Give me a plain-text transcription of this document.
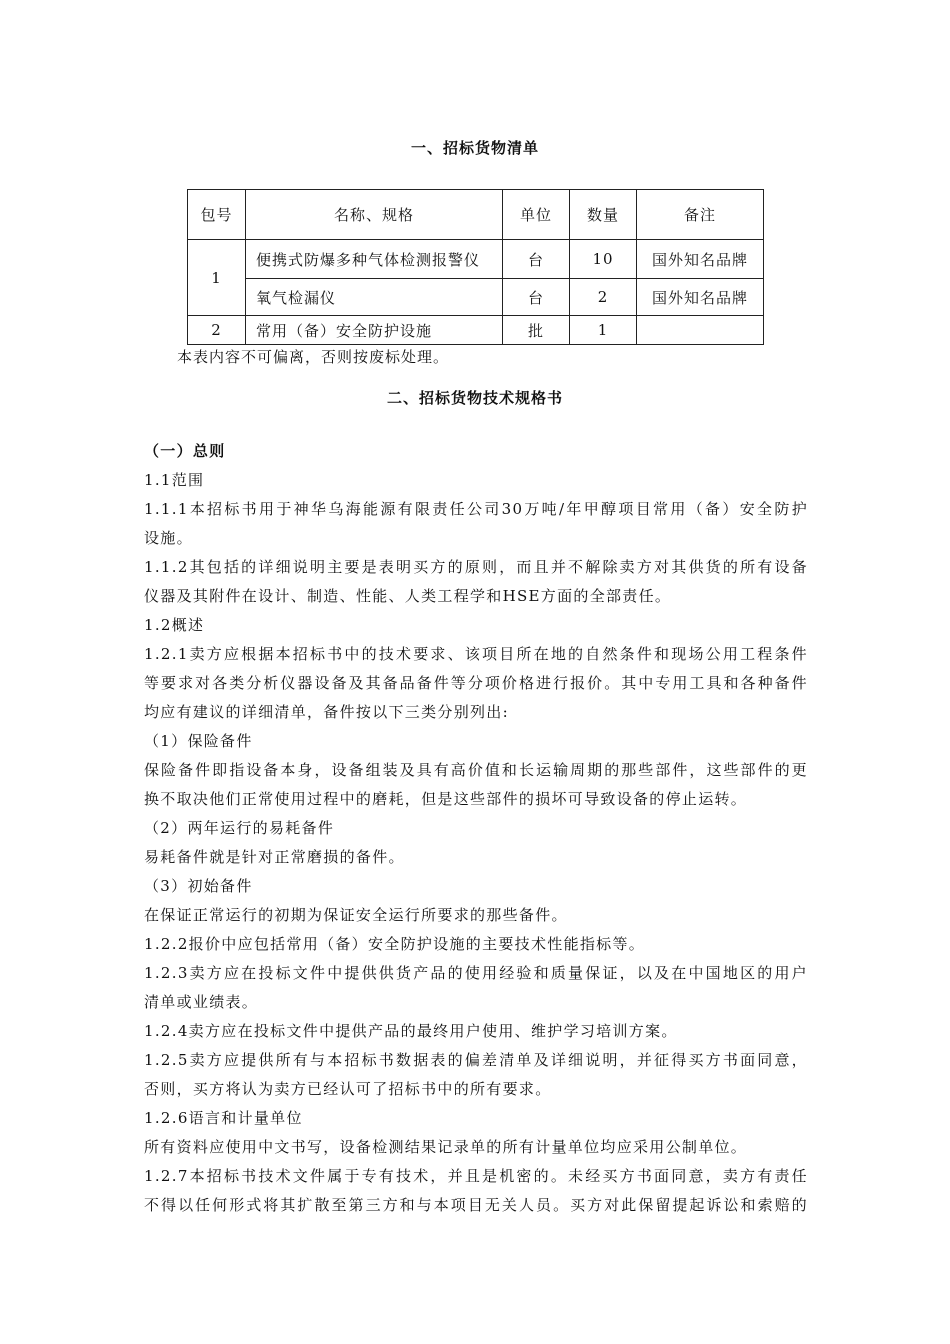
一、招标货物清单
包号	名称、规格	单位	数量	备注
1	便携式防爆多种气体检测报警仪	台	10	国外知名品牌
	氧气检漏仪	台	2	国外知名品牌
2	常用（备）安全防护设施	批	1	
本表内容不可偏离，否则按废标处理。
二、招标货物技术规格书
（一）总则
1.1范围
1.1.1本招标书用于神华乌海能源有限责任公司30万吨/年甲醇项目常用（备）安全防护
设施。
1.1.2其包括的详细说明主要是表明买方的原则，而且并不解除卖方对其供货的所有设备
仪器及其附件在设计、制造、性能、人类工程学和HSE方面的全部责任。
1.2概述
1.2.1卖方应根据本招标书中的技术要求、该项目所在地的自然条件和现场公用工程条件
等要求对各类分析仪器设备及其备品备件等分项价格进行报价。其中专用工具和各种备件
均应有建议的详细清单，备件按以下三类分别列出:
（1）保险备件
保险备件即指设备本身，设备组装及具有高价值和长运输周期的那些部件，这些部件的更
换不取决他们正常使用过程中的磨耗，但是这些部件的损坏可导致设备的停止运转。
（2）两年运行的易耗备件
易耗备件就是针对正常磨损的备件。
（3）初始备件
在保证正常运行的初期为保证安全运行所要求的那些备件。
1.2.2报价中应包括常用（备）安全防护设施的主要技术性能指标等。
1.2.3卖方应在投标文件中提供供货产品的使用经验和质量保证，以及在中国地区的用户
清单或业绩表。
1.2.4卖方应在投标文件中提供产品的最终用户使用、维护学习培训方案。
1.2.5卖方应提供所有与本招标书数据表的偏差清单及详细说明，并征得买方书面同意，
否则，买方将认为卖方已经认可了招标书中的所有要求。
1.2.6语言和计量单位
所有资料应使用中文书写，设备检测结果记录单的所有计量单位均应采用公制单位。
1.2.7本招标书技术文件属于专有技术，并且是机密的。未经买方书面同意，卖方有责任
不得以任何形式将其扩散至第三方和与本项目无关人员。买方对此保留提起诉讼和索赔的
